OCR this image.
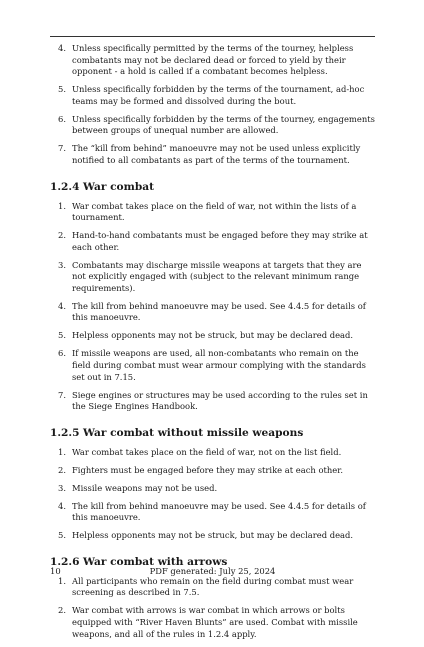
4. Unless specifically permitted by the terms of the tourney, helpless combatants may not be declared dead or forced to yield by their opponent - a hold is called if a combatant becomes helpless.
5. Unless specifically forbidden by the terms of the tournament, ad-hoc teams may be formed and dissolved during the bout.
6. Unless specifically forbidden by the terms of the tourney, engagements between groups of unequal number are allowed.
7. The “kill from behind” manoeuvre may not be used unless explicitly notified to all combatants as part of the terms of the tournament.
1.2.4 War combat
1. War combat takes place on the field of war, not within the lists of a tournament.
2. Hand-to-hand combatants must be engaged before they may strike at each other.
3. Combatants may discharge missile weapons at targets that they are not explicitly engaged with (subject to the relevant minimum range requirements).
4. The kill from behind manoeuvre may be used. See 4.4.5 for details of this manoeuvre.
5. Helpless opponents may not be struck, but may be declared dead.
6. If missile weapons are used, all non-combatants who remain on the field during combat must wear armour complying with the standards set out in 7.15.
7. Siege engines or structures may be used according to the rules set in the Siege Engines Handbook.
1.2.5 War combat without missile weapons
1. War combat takes place on the field of war, not on the list field.
2. Fighters must be engaged before they may strike at each other.
3. Missile weapons may not be used.
4. The kill from behind manoeuvre may be used. See 4.4.5 for details of this manoeuvre.
5. Helpless opponents may not be struck, but may be declared dead.
1.2.6 War combat with arrows
1. All participants who remain on the field during combat must wear screening as described in 7.5.
2. War combat with arrows is war combat in which arrows or bolts equipped with “River Haven Blunts” are used. Combat with missile weapons, and all of the rules in 1.2.4 apply.
10	PDF generated: July 25, 2024
